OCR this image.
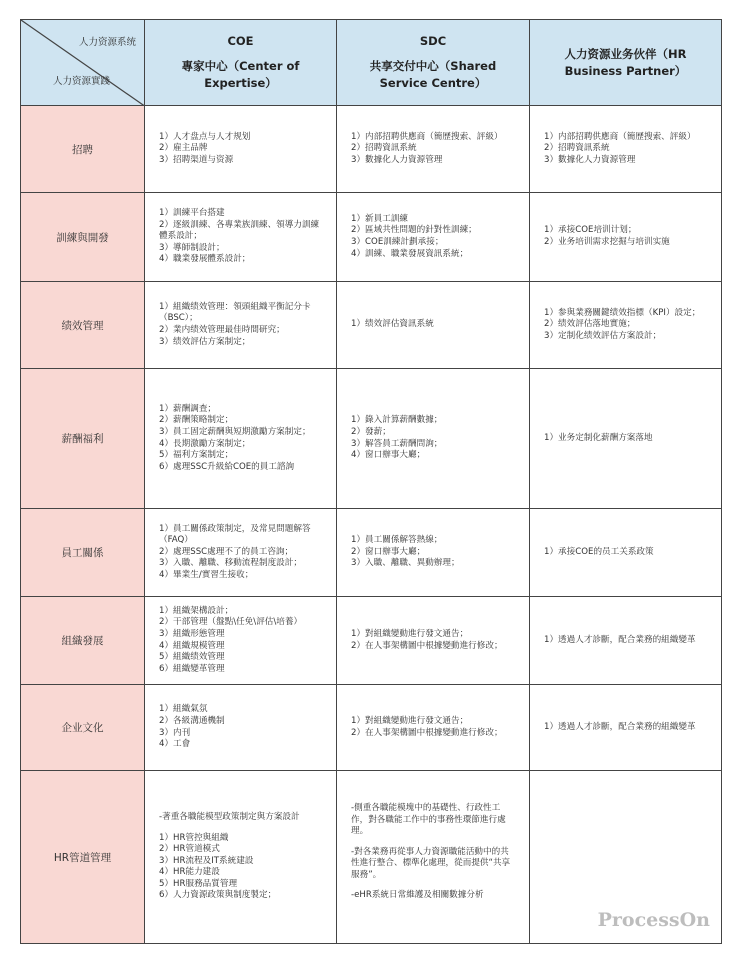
人力资源系统
人力资源實踐
COE
專家中心（Center of Expertise）
SDC
共享交付中心（Shared Service Centre）
人力资源业务伙伴（HR Business Partner）
招聘
1）人才盘点与人才规划
2）雇主品牌
3）招聘渠道与资源
1）内部招聘供應商（簡歷搜索、評級）
2）招聘資訊系統
3）數據化人力資源管理
1）内部招聘供應商（簡歷搜索、評級）
2）招聘資訊系統
3）數據化人力資源管理
訓練與開發
1）訓練平台搭建
2）逐級訓練、各專業族訓練、領導力訓練體系設計；
3）導師制設計；
4）職業發展體系設計；
1）新員工訓練
2）區域共性問題的針對性訓練；
3）COE訓練計劃承接；
4）訓練、職業發展資訊系統；
1）承接COE培训计划；
2）业务培训需求挖掘与培训实施
绩效管理
1）組織绩效管理：領頭組織平衡記分卡（BSC）；
2）業内绩效管理最佳時間研究；
3）绩效評估方案制定；
1）绩效評估資訊系統
1）参與業務關鍵绩效指標（KPI）設定；
2）绩效評估落地實施；
3）定制化绩效評估方案設計；
薪酬福利
1）薪酬調査；
2）薪酬策略制定；
3）員工固定薪酬與短期激勵方案制定；
4）長期激勵方案制定；
5）福利方案制定；
6）處理SSC升級給COE的員工諮詢
1）錄入計算薪酬數據；
2）發薪；
3）解答員工薪酬問詢；
4）窗口辦事大廳；
1）业务定制化薪酬方案落地
員工關係
1）員工關係政策制定，及常見問題解答（FAQ）
2）處理SSC處理不了的員工咨詢；
3）入職、離職、移動流程制度設計；
4）畢業生/實習生接收；
1）員工關係解答熱線；
2）窗口辦事大廳；
3）入職、離職、異動辦理；
1）承接COE的员工关系政策
組織發展
1）組織架構設計；
2）干部管理（盤點\任免\評估\培養）
3）組織形態管理
4）組織規模管理
5）組織绩效管理
6）組織變革管理
1）對組織變動進行發文通告；
2）在人事架構圖中根據變動進行修改；
1）透過人才診斷，配合業務的組織變革
企业文化
1）組織氣氛
2）各級溝通機制
3）内刊
4）工會
1）對組織變動進行發文通告；
2）在人事架構圖中根據變動進行修改；
1）透過人才診斷，配合業務的組織變革
HR管道管理

-著重各職能模型政策制定與方案設計

1）HR管控與組織
2）HR管道模式
3）HR流程及IT系統建設
4）HR能力建設
5）HR服務品質管理
6）人力資源政策與制度製定；

-側重各職能模塊中的基礎性、行政性工作，對各職能工作中的事務性環節進行處理。

-對各業務再從事人力資源職能活動中的共性進行整合、標準化處理，從而提供“共享服務”。

-eHR系統日常維護及相關數據分析

ProcessOn
